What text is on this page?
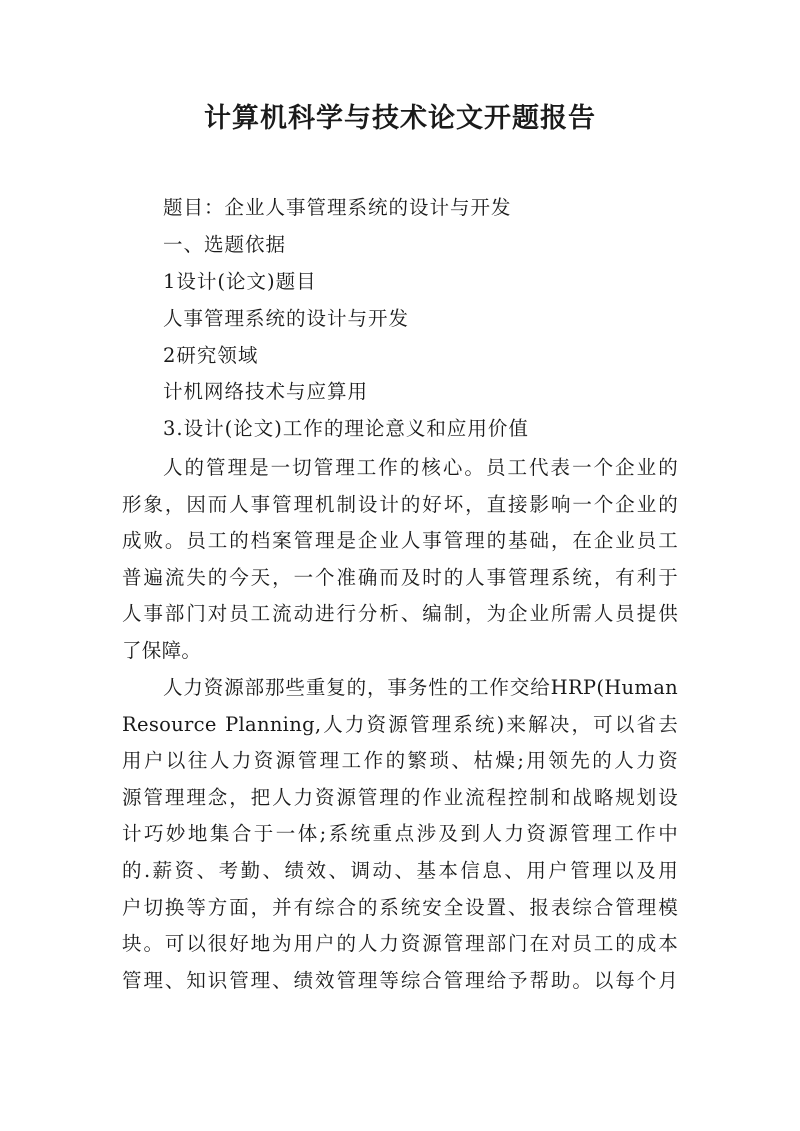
计算机科学与技术论文开题报告

题目：企业人事管理系统的设计与开发

一、选题依据

1设计(论文)题目

人事管理系统的设计与开发

2研究领域

计机网络技术与应算用

3.设计(论文)工作的理论意义和应用价值

人的管理是一切管理工作的核心。员工代表一个企业的
形象，因而人事管理机制设计的好坏，直接影响一个企业的
成败。员工的档案管理是企业人事管理的基础，在企业员工
普遍流失的今天，一个准确而及时的人事管理系统，有利于
人事部门对员工流动进行分析、编制，为企业所需人员提供
了保障。
人力资源部那些重复的，事务性的工作交给HRP(Human
Resource Planning,人力资源管理系统)来解决，可以省去
用户以往人力资源管理工作的繁琐、枯燥;用领先的人力资
源管理理念，把人力资源管理的作业流程控制和战略规划设
计巧妙地集合于一体;系统重点涉及到人力资源管理工作中
的.薪资、考勤、绩效、调动、基本信息、用户管理以及用
户切换等方面，并有综合的系统安全设置、报表综合管理模
块。可以很好地为用户的人力资源管理部门在对员工的成本
管理、知识管理、绩效管理等综合管理给予帮助。以每个月
